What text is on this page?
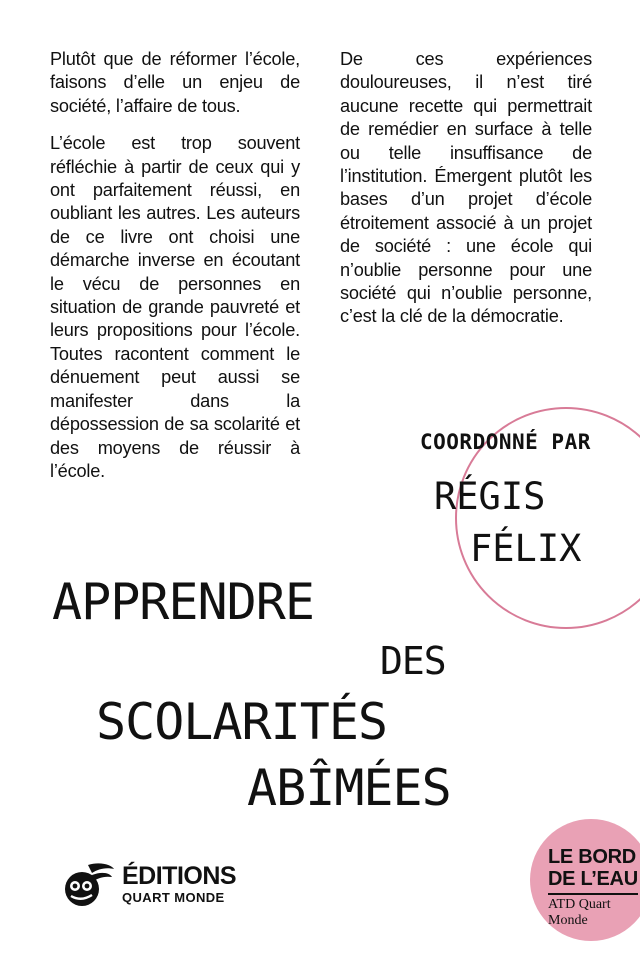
Plutôt que de réformer l’école, faisons d’elle un enjeu de société, l’affaire de tous.

L’école est trop souvent réfléchie à partir de ceux qui y ont parfaitement réussi, en oubliant les autres. Les auteurs de ce livre ont choisi une démarche inverse en écoutant le vécu de personnes en situation de grande pauvreté et leurs propositions pour l’école. Toutes racontent comment le dénuement peut aussi se manifester dans la dépossession de sa scolarité et des moyens de réussir à l’école.

De ces expériences douloureuses, il n’est tiré aucune recette qui permettrait de remédier en surface à telle ou telle insuffisance de l’institution. Émergent plutôt les bases d’un projet d’école étroitement associé à un projet de société : une école qui n’oublie personne pour une société qui n’oublie personne, c’est la clé de la démocratie.

COORDONNÉ PAR
RÉGIS
FÉLIX
APPRENDRE
DES
SCOLARITÉS
ABÎMÉES
ÉDITIONS
QUART MONDE
LE BORD
DE L’EAU
ATD Quart
Monde
